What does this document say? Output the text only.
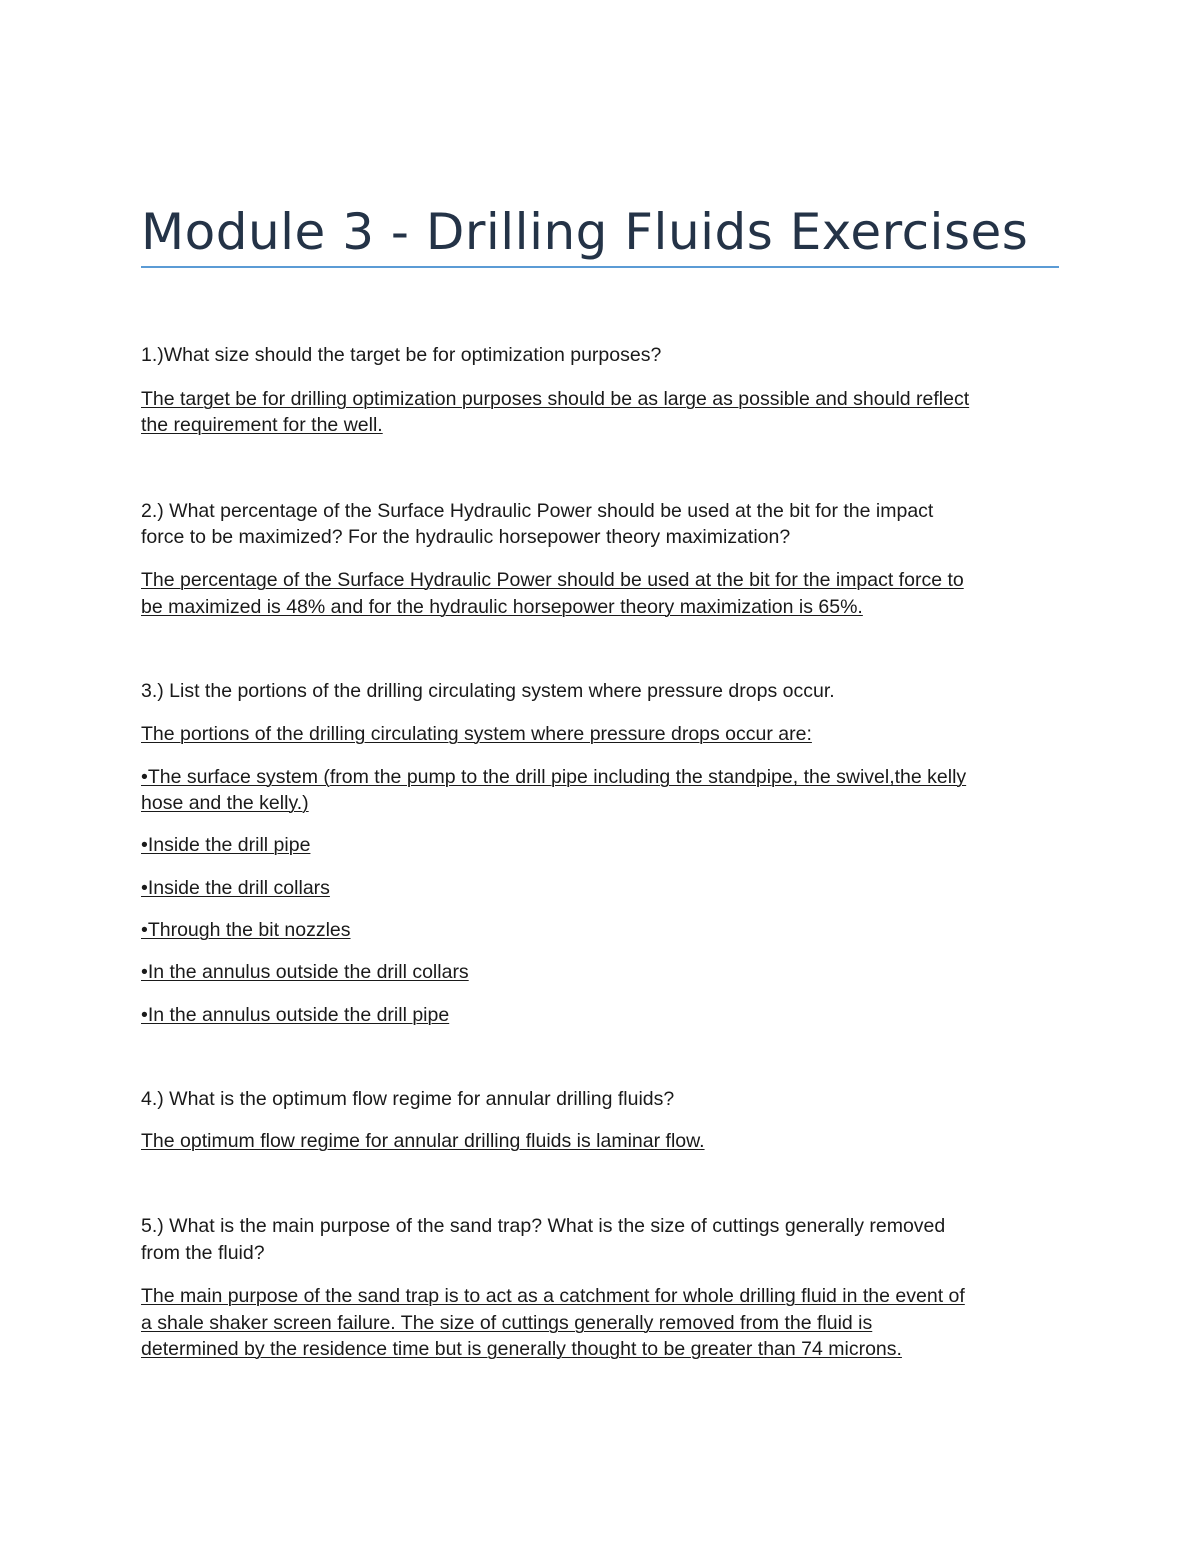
Module 3 - Drilling Fluids Exercises

1.)What size should the target be for optimization purposes?

The target be for drilling optimization purposes should be as large as possible and should reflect

the requirement for the well.

2.) What percentage of the Surface Hydraulic Power should be used at the bit for the impact

force to be maximized? For the hydraulic horsepower theory maximization?

The percentage of the Surface Hydraulic Power should be used at the bit for the impact force to

be maximized is 48% and for the hydraulic horsepower theory maximization is 65%.

3.) List the portions of the drilling circulating system where pressure drops occur.

The portions of the drilling circulating system where pressure drops occur are:

•The surface system (from the pump to the drill pipe including the standpipe, the swivel,the kelly

hose and the kelly.)

•Inside the drill pipe

•Inside the drill collars

•Through the bit nozzles

•In the annulus outside the drill collars

•In the annulus outside the drill pipe

4.) What is the optimum flow regime for annular drilling fluids?

The optimum flow regime for annular drilling fluids is laminar flow.

5.) What is the main purpose of the sand trap? What is the size of cuttings generally removed

from the fluid?

The main purpose of the sand trap is to act as a catchment for whole drilling fluid in the event of

a shale shaker screen failure. The size of cuttings generally removed from the fluid is

determined by the residence time but is generally thought to be greater than 74 microns.
